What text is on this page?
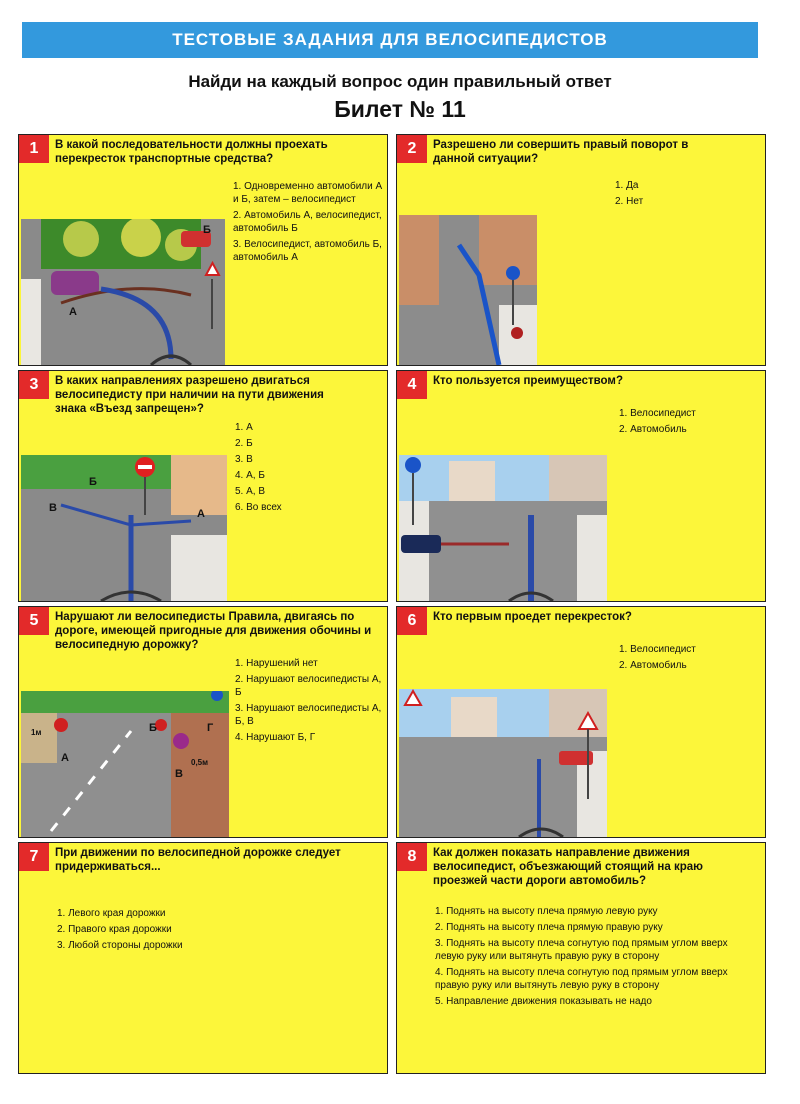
ТЕСТОВЫЕ ЗАДАНИЯ ДЛЯ ВЕЛОСИПЕДИСТОВ
Найди на каждый вопрос один правильный ответ
Билет № 11
1	В какой последовательности должны проехать перекресток транспортные средства?
1. Одновременно автомобили А и Б, затем – велосипедист
2. Автомобиль А, велосипедист, автомобиль Б
3. Велосипедист, автомобиль Б, автомобиль А
А
Б
2	Разрешено ли совершить правый поворот в данной ситуации?
1. Да
2. Нет
3	В каких направлениях разрешено двигаться велосипедисту при наличии на пути движения знака «Въезд запрещен»?
1. А
2. Б
3. В
4. А, Б
5. А, В
6. Во всех
В
Б
А
4	Кто пользуется преимуществом?
1. Велосипедист
2. Автомобиль
5	Нарушают ли велосипедисты Правила, двигаясь по дороге, имеющей пригодные для движения обочины и велосипедную дорожку?
1. Нарушений нет
2. Нарушают велосипедисты А, Б
3. Нарушают велосипедисты А, Б, В
4. Нарушают Б, Г
А
Б
В
Г
1м
0,5м
6	Кто первым проедет перекресток?
1. Велосипедист
2. Автомобиль
7	При движении по велосипедной дорожке следует придерживаться...
1. Левого края дорожки
2. Правого края дорожки
3. Любой стороны дорожки
8	Как должен показать направление движения велосипедист, объезжающий стоящий на краю проезжей части дороги автомобиль?
1. Поднять на высоту плеча прямую левую руку
2. Поднять на высоту плеча прямую правую руку
3. Поднять на высоту плеча согнутую под прямым углом вверх левую руку или вытянуть правую руку в сторону
4. Поднять на высоту плеча согнутую под прямым углом вверх правую руку или вытянуть левую руку в сторону
5. Направление движения показывать не надо
